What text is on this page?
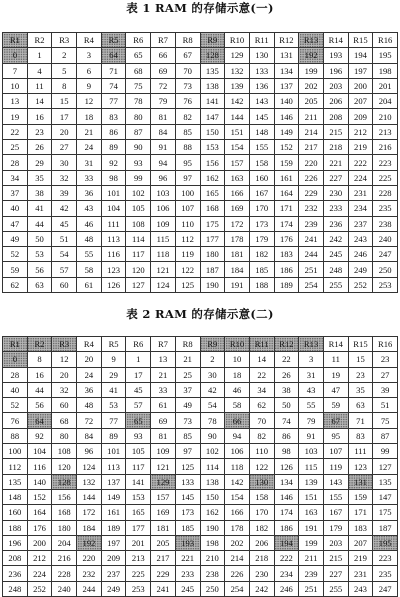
表 1 RAM 的存储示意(一)
R1	R2	R3	R4	R5	R6	R7	R8	R9	R10	R11	R12	R13	R14	R15	R16
0	1	2	3	64	65	66	67	128	129	130	131	192	193	194	195
7	4	5	6	71	68	69	70	135	132	133	134	199	196	197	198
10	11	8	9	74	75	72	73	138	139	136	137	202	203	200	201
13	14	15	12	77	78	79	76	141	142	143	140	205	206	207	204
19	16	17	18	83	80	81	82	147	144	145	146	211	208	209	210
22	23	20	21	86	87	84	85	150	151	148	149	214	215	212	213
25	26	27	24	89	90	91	88	153	154	155	152	217	218	219	216
28	29	30	31	92	93	94	95	156	157	158	159	220	221	222	223
34	35	32	33	98	99	96	97	162	163	160	161	226	227	224	225
37	38	39	36	101	102	103	100	165	166	167	164	229	230	231	228
40	41	42	43	104	105	106	107	168	169	170	171	232	233	234	235
47	44	45	46	111	108	109	110	175	172	173	174	239	236	237	238
49	50	51	48	113	114	115	112	177	178	179	176	241	242	243	240
52	53	54	55	116	117	118	119	180	181	182	183	244	245	246	247
59	56	57	58	123	120	121	122	187	184	185	186	251	248	249	250
62	63	60	61	126	127	124	125	190	191	188	189	254	255	252	253
表 2 RAM 的存储示意(二)
R1	R2	R3	R4	R5	R6	R7	R8	R9	R10	R11	R12	R13	R14	R15	R16
0	8	12	20	9	1	13	21	2	10	14	22	3	11	15	23
28	16	20	24	29	17	21	25	30	18	22	26	31	19	23	27
40	44	32	36	41	45	33	37	42	46	34	38	43	47	35	39
52	56	60	48	53	57	61	49	54	58	62	50	55	59	63	51
76	64	68	72	77	65	69	73	78	66	70	74	79	67	71	75
88	92	80	84	89	93	81	85	90	94	82	86	91	95	83	87
100	104	108	96	101	105	109	97	102	106	110	98	103	107	111	99
112	116	120	124	113	117	121	125	114	118	122	126	115	119	123	127
135	140	128	132	137	141	129	133	138	142	130	134	139	143	131	135
148	152	156	144	149	153	157	145	150	154	158	146	151	155	159	147
160	164	168	172	161	165	169	173	162	166	170	174	163	167	171	175
188	176	180	184	189	177	181	185	190	178	182	186	191	179	183	187
196	200	204	192	197	201	205	193	198	202	206	194	199	203	207	195
208	212	216	220	209	213	217	221	210	214	218	222	211	215	219	223
236	224	228	232	237	225	229	233	238	226	230	234	239	227	231	235
248	252	240	244	249	253	241	245	250	254	242	246	251	255	243	247
